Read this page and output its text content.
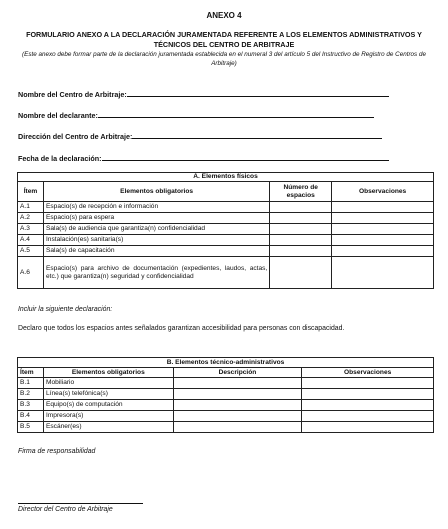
ANEXO 4
FORMULARIO ANEXO A LA DECLARACIÓN JURAMENTADA REFERENTE A LOS ELEMENTOS ADMINISTRATIVOS Y TÉCNICOS DEL CENTRO DE ARBITRAJE
(Este anexo debe formar parte de la declaración juramentada establecida en el numeral 3 del artículo 5 del Instructivo de Registro de Centros de Arbitraje)
Nombre del Centro de Arbitraje:
Nombre del declarante:
Dirección del Centro de Arbitraje:
Fecha de la declaración:
A. Elementos físicos			
Ítem	Elementos obligatorios	Número de espacios	Observaciones
A.1	Espacio(s) de recepción e información		
A.2	Espacio(s) para espera		
A.3	Sala(s) de audiencia que garantiza(n) confidencialidad		
A.4	Instalación(es) sanitaria(s)		
A.5	Sala(s) de capacitación		
A.6	Espacio(s) para archivo de documentación (expedientes, laudos, actas, etc.) que garantiza(n) seguridad y confidencialidad		
Incluir la siguiente declaración:
Declaro que todos los espacios antes señalados garantizan accesibilidad para personas con discapacidad.
B. Elementos técnico-administrativos			
Ítem	Elementos obligatorios	Descripción	Observaciones
B.1	Mobiliario		
B.2	Línea(s) telefónica(s)		
B.3	Equipo(s) de computación		
B.4	Impresora(s)		
B.5	Escáner(es)		
Firma de responsabilidad
Director del Centro de Arbitraje
